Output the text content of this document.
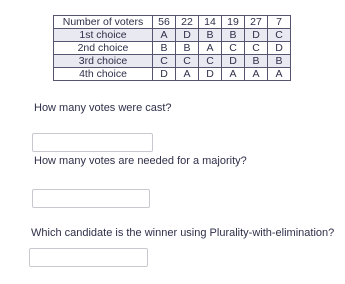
Number of voters	56	22	14	19	27	7
1st choice	A	D	B	B	D	C
2nd choice	B	B	A	C	C	D
3rd choice	C	C	C	D	B	B
4th choice	D	A	D	A	A	A

How many votes were cast?

How many votes are needed for a majority?

Which candidate is the winner using Plurality-with-elimination?
